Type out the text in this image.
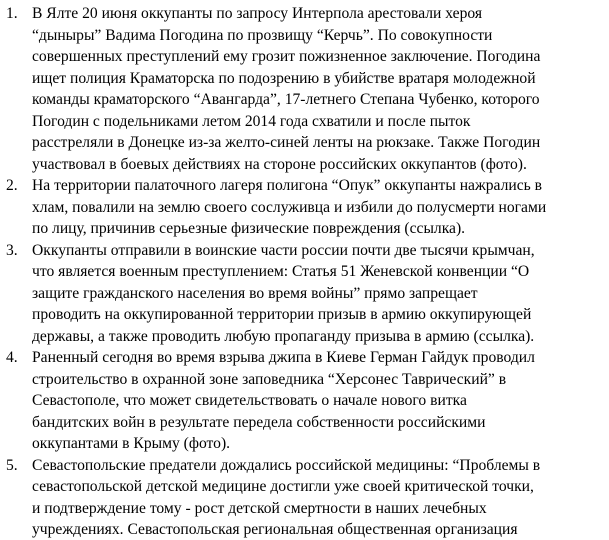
1. В Ялте 20 июня оккупанты по запросу Интерпола арестовали хероя
“дыныры” Вадима Погодина по прозвищу “Керчь”. По совокупности
совершенных преступлений ему грозит пожизненное заключение. Погодина
ищет полиция Краматорска по подозрению в убийстве вратаря молодежной
команды краматорского “Авангарда”, 17-летнего Степана Чубенко, которого
Погодин с подельниками летом 2014 года схватили и после пыток
расстреляли в Донецке из-за желто-синей ленты на рюкзаке. Также Погодин
участвовал в боевых действиях на стороне российских оккупантов (фото).
2. На территории палаточного лагеря полигона “Опук” оккупанты нажрались в
хлам, повалили на землю своего сослуживца и избили до полусмерти ногами
по лицу, причинив серьезные физические повреждения (ссылка).
3. Оккупанты отправили в воинские части россии почти две тысячи крымчан,
что является военным преступлением: Статья 51 Женевской конвенции “О
защите гражданского населения во время войны” прямо запрещает
проводить на оккупированной территории призыв в армию оккупирующей
державы, а также проводить любую пропаганду призыва в армию (ссылка).
4. Раненный сегодня во время взрыва джипа в Киеве Герман Гайдук проводил
строительство в охранной зоне заповедника “Херсонес Таврический” в
Севастополе, что может свидетельствовать о начале нового витка
бандитских войн в результате передела собственности российскими
оккупантами в Крыму (фото).
5. Севастопольские предатели дождались российской медицины: “Проблемы в
севастопольской детской медицине достигли уже своей критической точки,
и подтверждение тому - рост детской смертности в наших лечебных
учреждениях. Севастопольская региональная общественная организация
